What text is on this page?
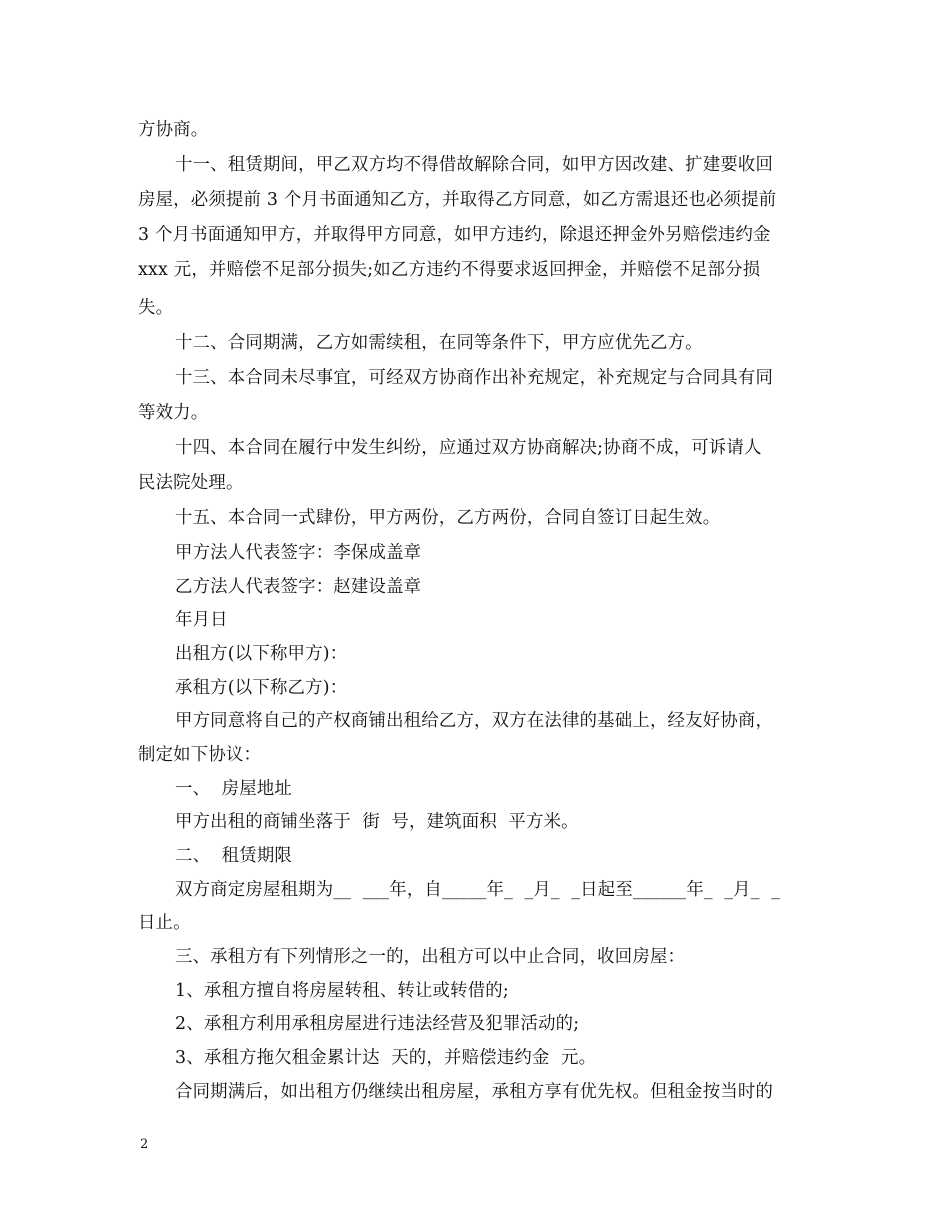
方协商。
十一、租赁期间，甲乙双方均不得借故解除合同，如甲方因改建、扩建要收回
房屋，必须提前 3 个月书面通知乙方，并取得乙方同意，如乙方需退还也必须提前
3 个月书面通知甲方，并取得甲方同意，如甲方违约，除退还押金外另赔偿违约金
xxx 元，并赔偿不足部分损失;如乙方违约不得要求返回押金，并赔偿不足部分损
失。
十二、合同期满，乙方如需续租，在同等条件下，甲方应优先乙方。
十三、本合同未尽事宜，可经双方协商作出补充规定，补充规定与合同具有同
等效力。
十四、本合同在履行中发生纠纷，应通过双方协商解决;协商不成，可诉请人
民法院处理。
十五、本合同一式肆份，甲方两份，乙方两份，合同自签订日起生效。
甲方法人代表签字：李保成盖章
乙方法人代表签字：赵建设盖章
年月日
出租方(以下称甲方)：
承租方(以下称乙方)：
甲方同意将自己的产权商铺出租给乙方，双方在法律的基础上，经友好协商，
制定如下协议：
一、  房屋地址
甲方出租的商铺坐落于  街  号，建筑面积  平方米。
二、  租赁期限
双方商定房屋租期为__  ___年，自_____年_  _月_  _日起至______年_  _月_  _
日止。
三、承租方有下列情形之一的，出租方可以中止合同，收回房屋：
1、承租方擅自将房屋转租、转让或转借的;
2、承租方利用承租房屋进行违法经营及犯罪活动的;
3、承租方拖欠租金累计达  天的，并赔偿违约金  元。
合同期满后，如出租方仍继续出租房屋，承租方享有优先权。但租金按当时的
2
